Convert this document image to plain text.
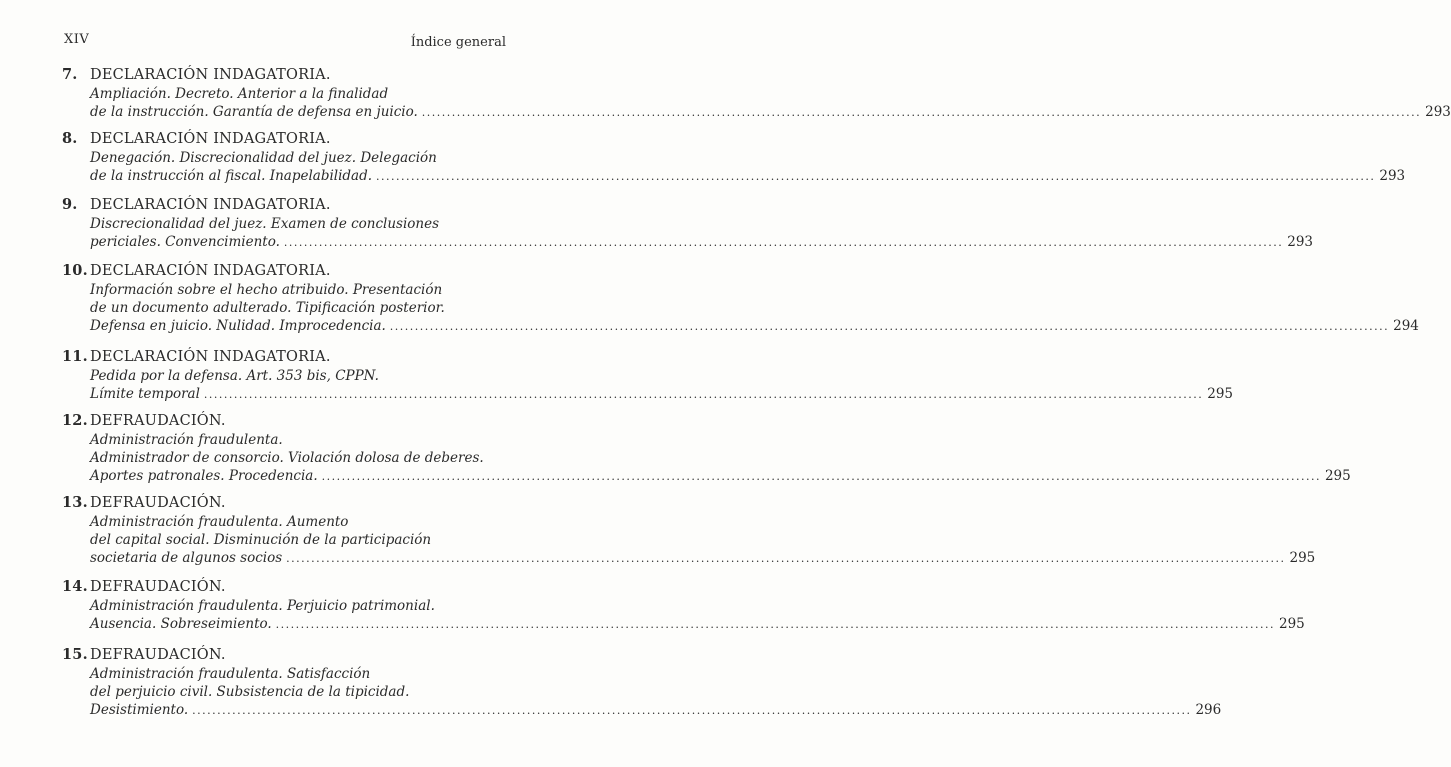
XIV	Índice general
7. DECLARACIÓN INDAGATORIA.
Ampliación. Decreto. Anterior a la finalidad
de la instrucción. Garantía de defensa en juicio. ........................................................................................................................................................................................................ 293
8. DECLARACIÓN INDAGATORIA.
Denegación. Discrecionalidad del juez. Delegación
de la instrucción al fiscal. Inapelabilidad. ........................................................................................................................................................................................................ 293
9. DECLARACIÓN INDAGATORIA.
Discrecionalidad del juez. Examen de conclusiones
periciales. Convencimiento. ........................................................................................................................................................................................................ 293
10. DECLARACIÓN INDAGATORIA.
Información sobre el hecho atribuido. Presentación
de un documento adulterado. Tipificación posterior.
Defensa en juicio. Nulidad. Improcedencia. ........................................................................................................................................................................................................ 294
11. DECLARACIÓN INDAGATORIA.
Pedida por la defensa. Art. 353 bis, CPPN.
Límite temporal ........................................................................................................................................................................................................ 295
12. DEFRAUDACIÓN.
Administración fraudulenta.
Administrador de consorcio. Violación dolosa de deberes.
Aportes patronales. Procedencia. ........................................................................................................................................................................................................ 295
13. DEFRAUDACIÓN.
Administración fraudulenta. Aumento
del capital social. Disminución de la participación
societaria de algunos socios ........................................................................................................................................................................................................ 295
14. DEFRAUDACIÓN.
Administración fraudulenta. Perjuicio patrimonial.
Ausencia. Sobreseimiento. ........................................................................................................................................................................................................ 295
15. DEFRAUDACIÓN.
Administración fraudulenta. Satisfacción
del perjuicio civil. Subsistencia de la tipicidad.
Desistimiento. ........................................................................................................................................................................................................ 296
